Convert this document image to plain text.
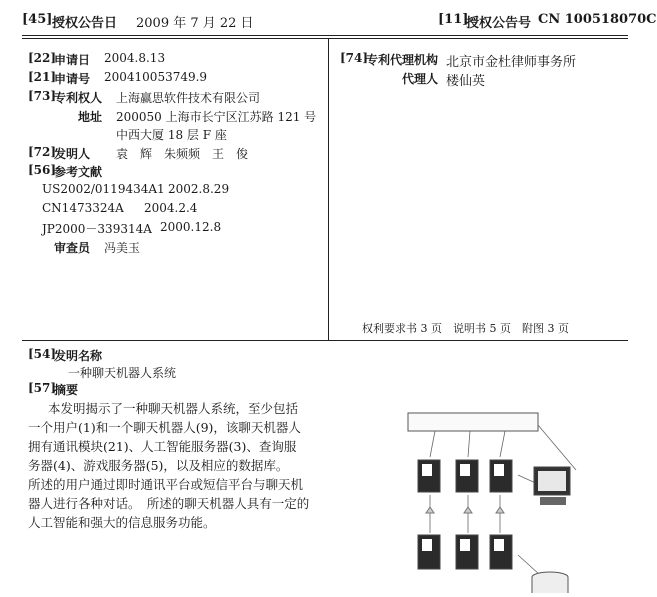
[45] 授权公告日 2009 年 7 月 22 日	[11]
授权公告号 CN 100518070C
[22]
申请日 2004.8.13
[21]
申请号 200410053749.9
[73]
专利权人 上海赢思软件技术有限公司
地址 200050 上海市长宁区江苏路 121 号
中西大厦 18 层 F 座
[72]
发明人 袁　辉　朱频频　王　俊
[56]
参考文献
US2002/0119434A1 2002.8.29
CN1473324A 2004.2.4
JP2000－339314A 2000.12.8
审查员 冯美玉
[74]
专利代理机构 北京市金杜律师事务所
代理人 楼仙英
权利要求书 3 页　说明书 5 页　附图 3 页
[54]
发明名称
一种聊天机器人系统
[57]
摘要
本发明揭示了一种聊天机器人系统，至少包括
一个用户(1)和一个聊天机器人(9)，该聊天机器人
拥有通讯模块(21)、人工智能服务器(3)、查询服
务器(4)、游戏服务器(5)，以及相应的数据库。
所述的用户通过即时通讯平台或短信平台与聊天机
器人进行各种对话。　所述的聊天机器人具有一定的
人工智能和强大的信息服务功能。
